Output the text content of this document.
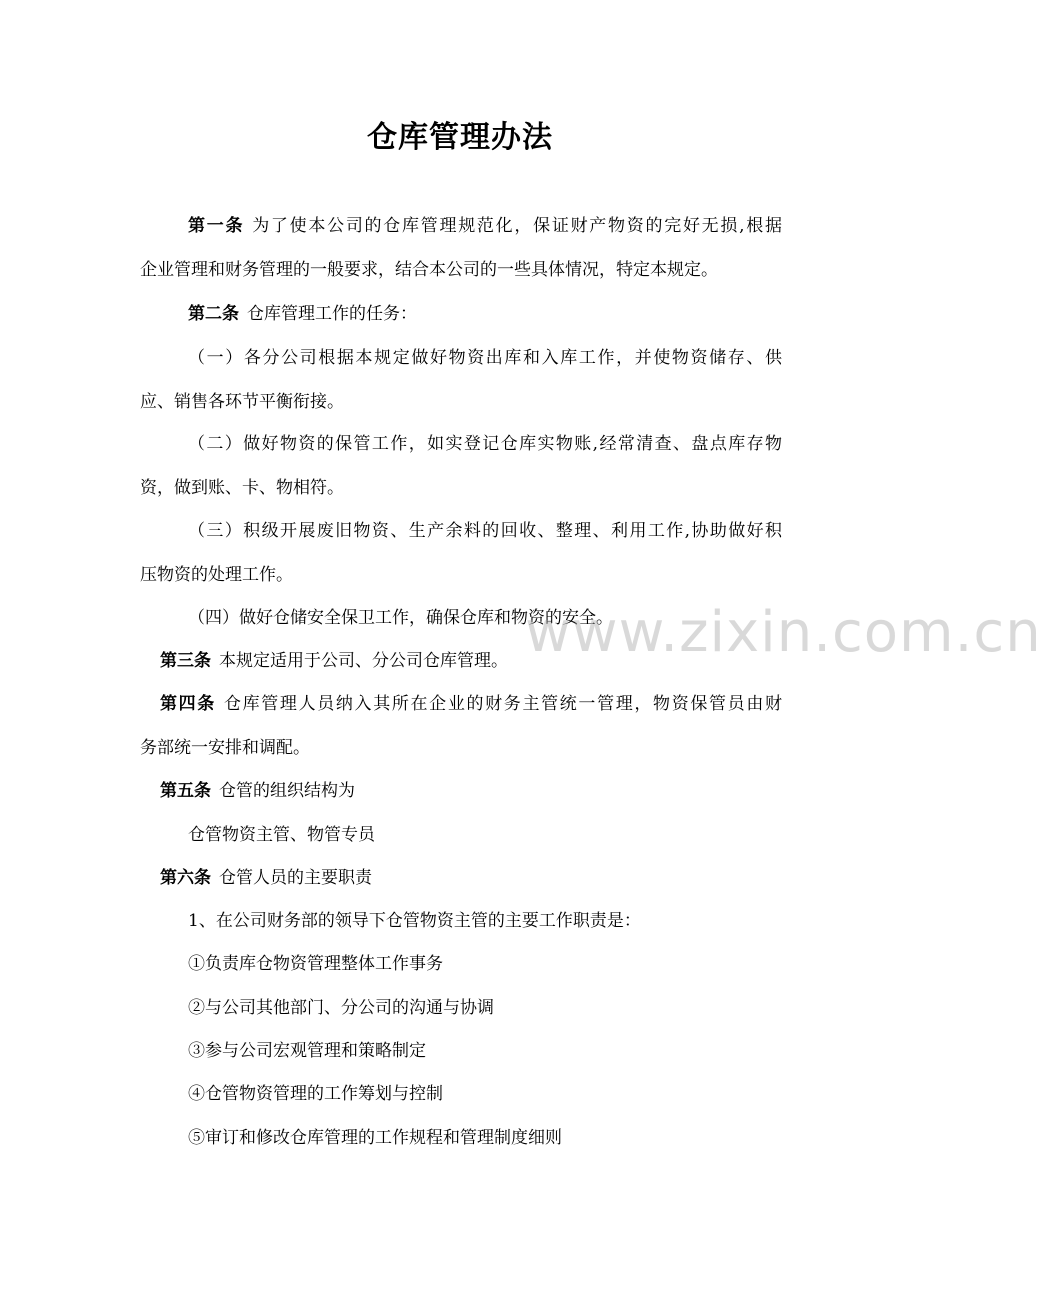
仓库管理办法
第一条 为了使本公司的仓库管理规范化，保证财产物资的完好无损,根据
企业管理和财务管理的一般要求，结合本公司的一些具体情况，特定本规定。
第二条 仓库管理工作的任务：
（一）各分公司根据本规定做好物资出库和入库工作，并使物资储存、供
应、销售各环节平衡衔接。
（二）做好物资的保管工作，如实登记仓库实物账,经常清查、盘点库存物
资，做到账、卡、物相符。
（三）积级开展废旧物资、生产余料的回收、整理、利用工作,协助做好积
压物资的处理工作。
（四）做好仓储安全保卫工作，确保仓库和物资的安全。
第三条 本规定适用于公司、分公司仓库管理。
第四条 仓库管理人员纳入其所在企业的财务主管统一管理，物资保管员由财
务部统一安排和调配。
第五条 仓管的组织结构为
仓管物资主管、物管专员
第六条 仓管人员的主要职责
1、在公司财务部的领导下仓管物资主管的主要工作职责是：
①负责库仓物资管理整体工作事务
②与公司其他部门、分公司的沟通与协调
③参与公司宏观管理和策略制定
④仓管物资管理的工作筹划与控制
⑤审订和修改仓库管理的工作规程和管理制度细则
www.zixin.com.cn
